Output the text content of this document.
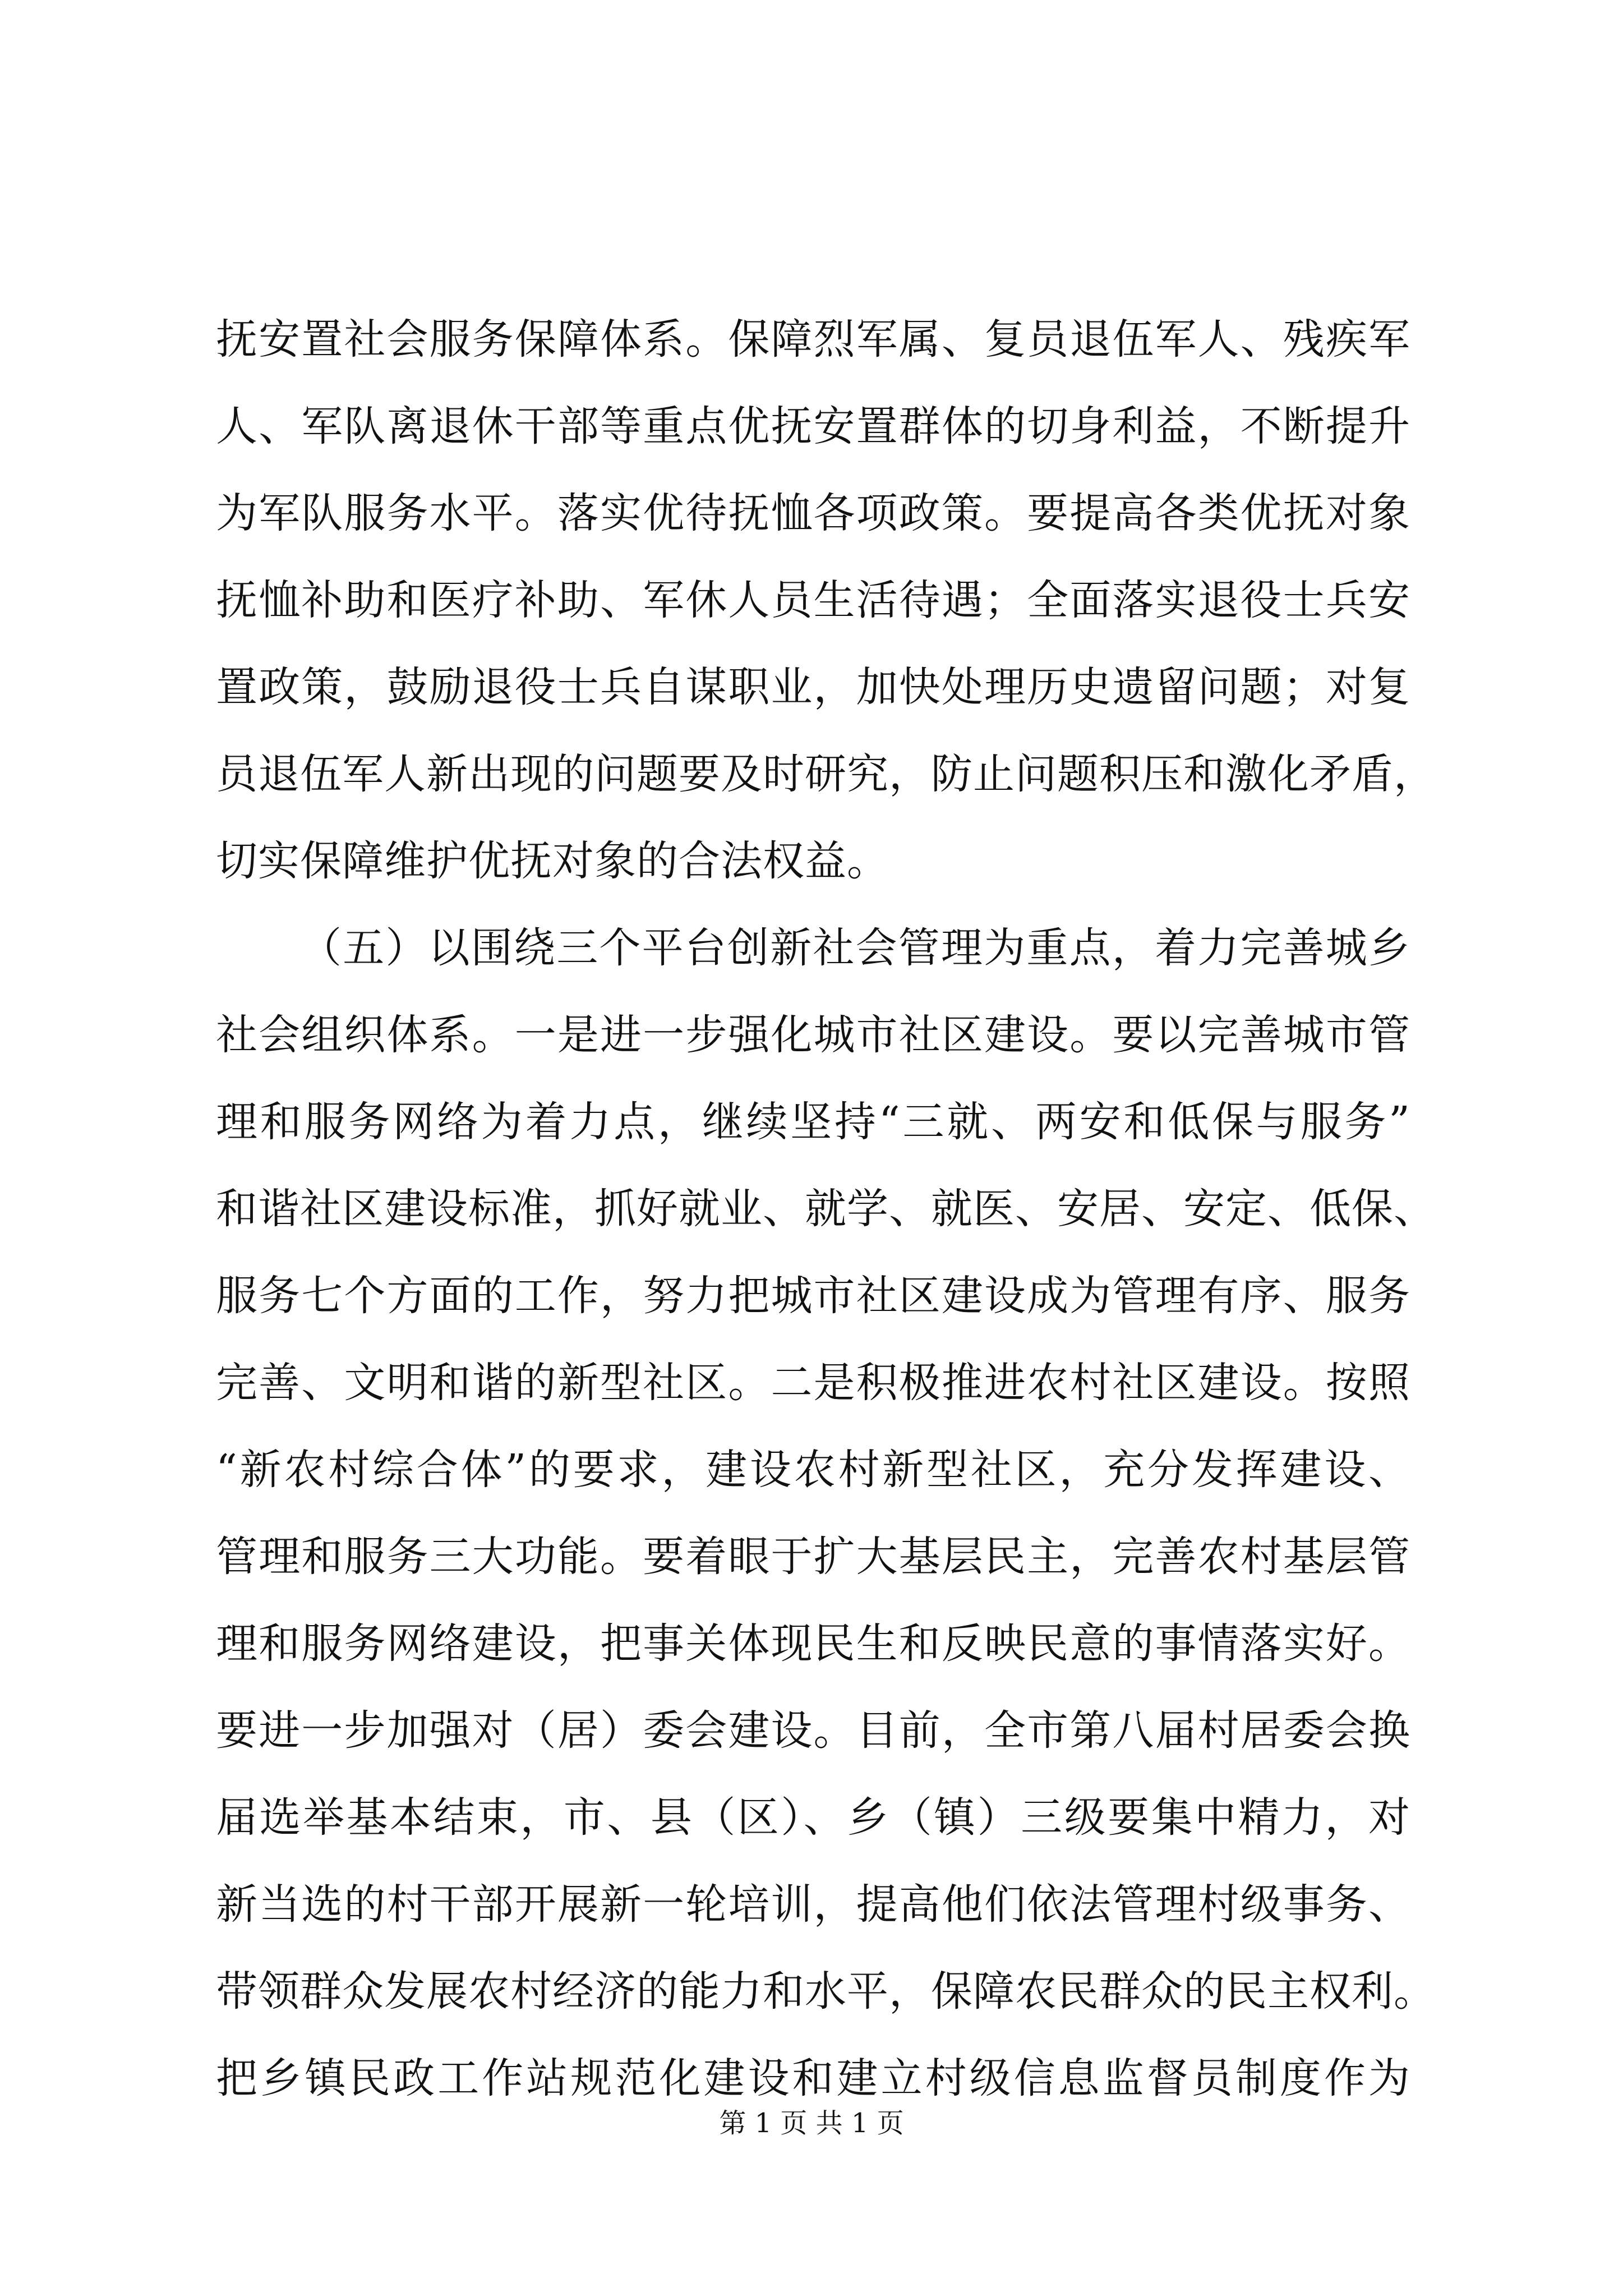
抚安置社会服务保障体系。保障烈军属、复员退伍军人、残疾军
人、军队离退休干部等重点优抚安置群体的切身利益，不断提升
为军队服务水平。落实优待抚恤各项政策。要提高各类优抚对象
抚恤补助和医疗补助、军休人员生活待遇；全面落实退役士兵安
置政策，鼓励退役士兵自谋职业，加快处理历史遗留问题；对复
员退伍军人新出现的问题要及时研究，防止问题积压和激化矛盾，
切实保障维护优抚对象的合法权益。
（五）以围绕三个平台创新社会管理为重点，着力完善城乡
社会组织体系。一是进一步强化城市社区建设。要以完善城市管
理和服务网络为着力点，继续坚持“三就、两安和低保与服务”
和谐社区建设标准，抓好就业、就学、就医、安居、安定、低保、
服务七个方面的工作，努力把城市社区建设成为管理有序、服务
完善、文明和谐的新型社区。二是积极推进农村社区建设。按照
“新农村综合体”的要求，建设农村新型社区，充分发挥建设、
管理和服务三大功能。要着眼于扩大基层民主，完善农村基层管
理和服务网络建设，把事关体现民生和反映民意的事情落实好。
要进一步加强对（居）委会建设。目前，全市第八届村居委会换
届选举基本结束，市、县（区）、乡（镇）三级要集中精力，对
新当选的村干部开展新一轮培训，提高他们依法管理村级事务、
带领群众发展农村经济的能力和水平，保障农民群众的民主权利。
把乡镇民政工作站规范化建设和建立村级信息监督员制度作为
第 1 页 共 1 页
